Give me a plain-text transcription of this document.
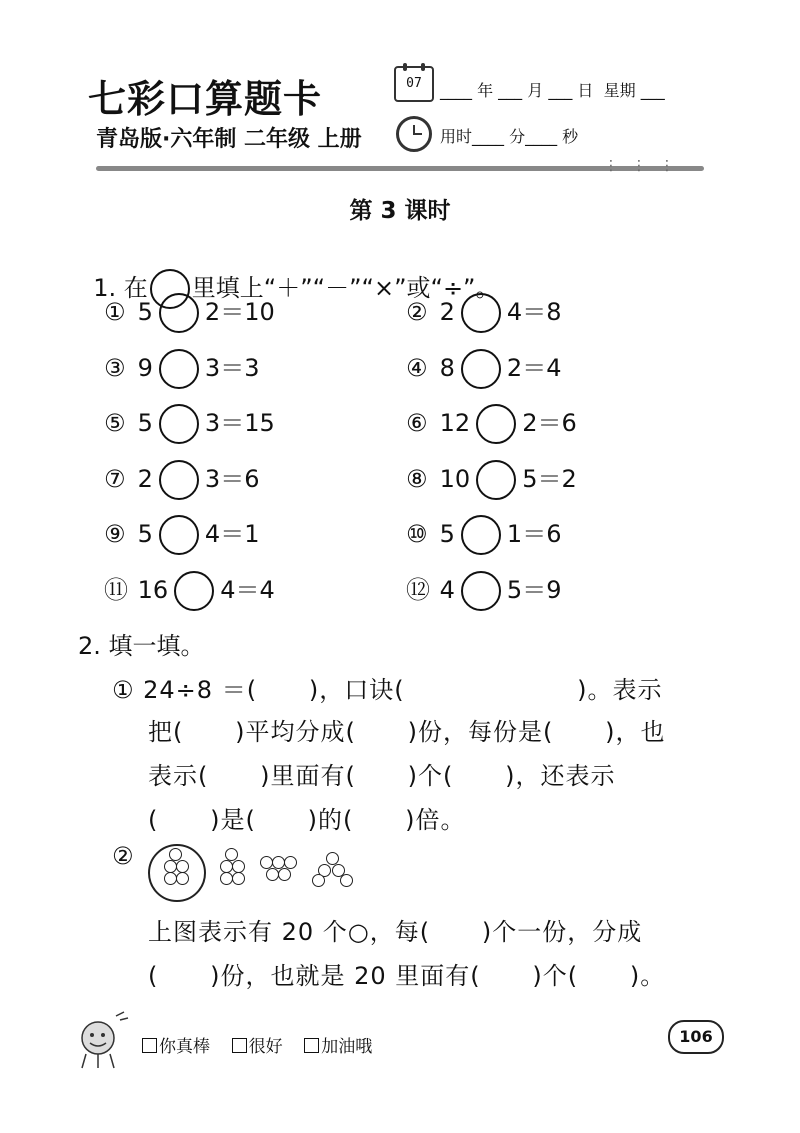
七彩口算题卡
青岛版·六年制 二年级 上册
07	____ 年 ___ 月 ___ 日  星期 ___
用时____ 分____ 秒
⋮⋮⋮
第 3 课时

1. 在 里填上“＋”“－”“×”或“÷”。

① 5 2＝10	② 2 4＝8
③ 9 3＝3	④ 8 2＝4
⑤ 5 3＝15	⑥ 12 2＝6
⑦ 2 3＝6	⑧ 10 5＝2
⑨ 5 4＝1	⑩ 5 1＝6
⑪ 16 4＝4	⑫ 4 5＝9
2. 填一填。
① 24÷8 ＝(      )，口诀(                    )。表示
把(      )平均分成(      )份，每份是(      )，也
表示(      )里面有(      )个(      )，还表示
(      )是(      )的(      )倍。
②
上图表示有 20 个○，每(      )个一份，分成
(      )份，也就是 20 里面有(      )个(      )。
你真棒 很好 加油哦
106
